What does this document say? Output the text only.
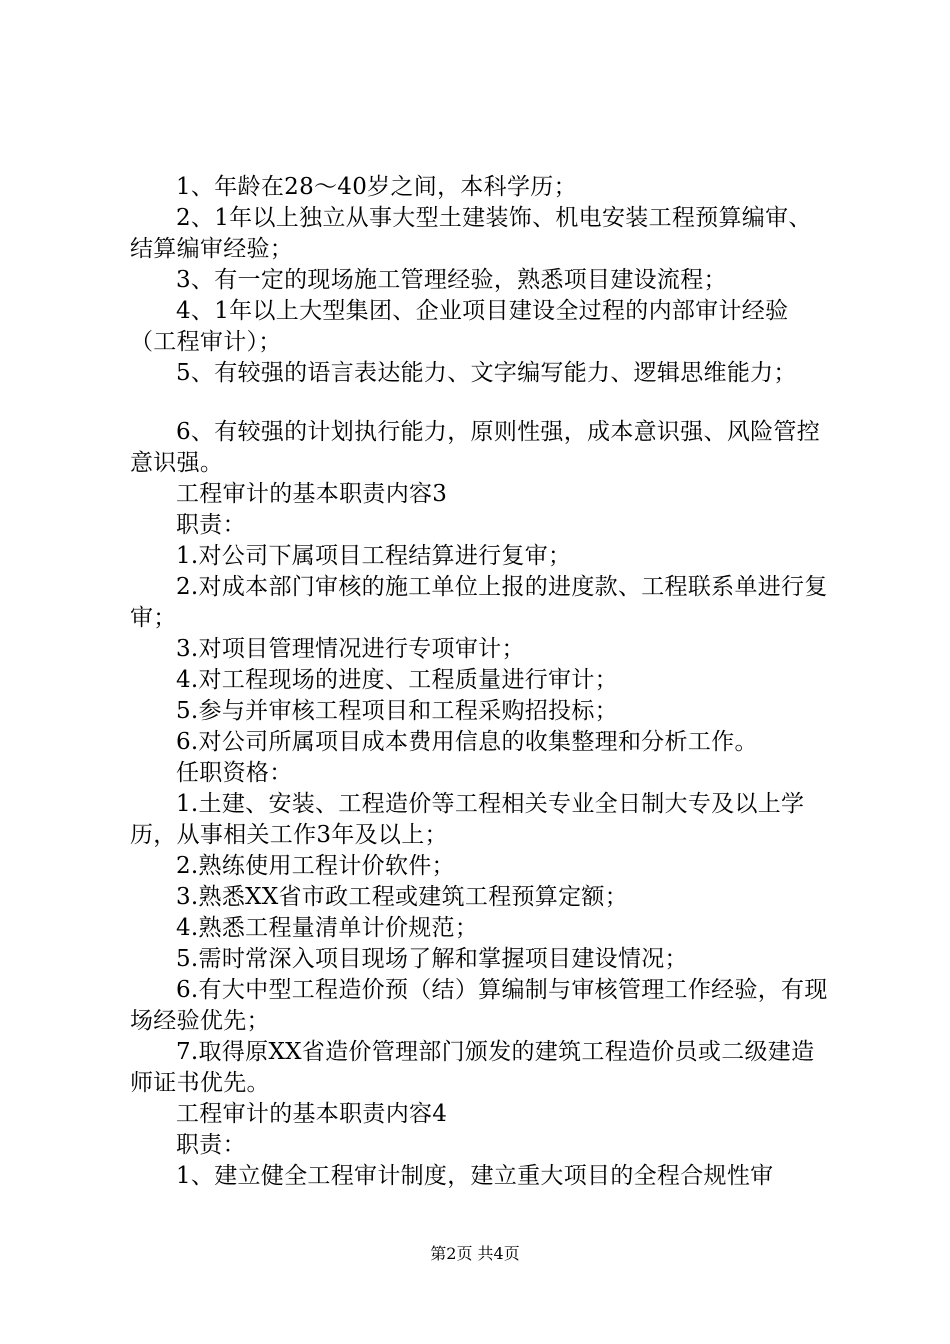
1、年龄在28～40岁之间，本科学历；

2、1年以上独立从事大型土建装饰、机电安装工程预算编审、结算编审经验；

3、有一定的现场施工管理经验，熟悉项目建设流程；

4、1年以上大型集团、企业项目建设全过程的内部审计经验（工程审计）；

5、有较强的语言表达能力、文字编写能力、逻辑思维能力；

6、有较强的计划执行能力，原则性强，成本意识强、风险管控意识强。

工程审计的基本职责内容3

职责：

1.对公司下属项目工程结算进行复审；

2.对成本部门审核的施工单位上报的进度款、工程联系单进行复审；

3.对项目管理情况进行专项审计；

4.对工程现场的进度、工程质量进行审计；

5.参与并审核工程项目和工程采购招投标；

6.对公司所属项目成本费用信息的收集整理和分析工作。

任职资格：

1.土建、安装、工程造价等工程相关专业全日制大专及以上学历，从事相关工作3年及以上；

2.熟练使用工程计价软件；

3.熟悉XX省市政工程或建筑工程预算定额；

4.熟悉工程量清单计价规范；

5.需时常深入项目现场了解和掌握项目建设情况；

6.有大中型工程造价预（结）算编制与审核管理工作经验，有现场经验优先；

7.取得原XX省造价管理部门颁发的建筑工程造价员或二级建造师证书优先。

工程审计的基本职责内容4

职责：

1、建立健全工程审计制度，建立重大项目的全程合规性审

第2页 共4页
